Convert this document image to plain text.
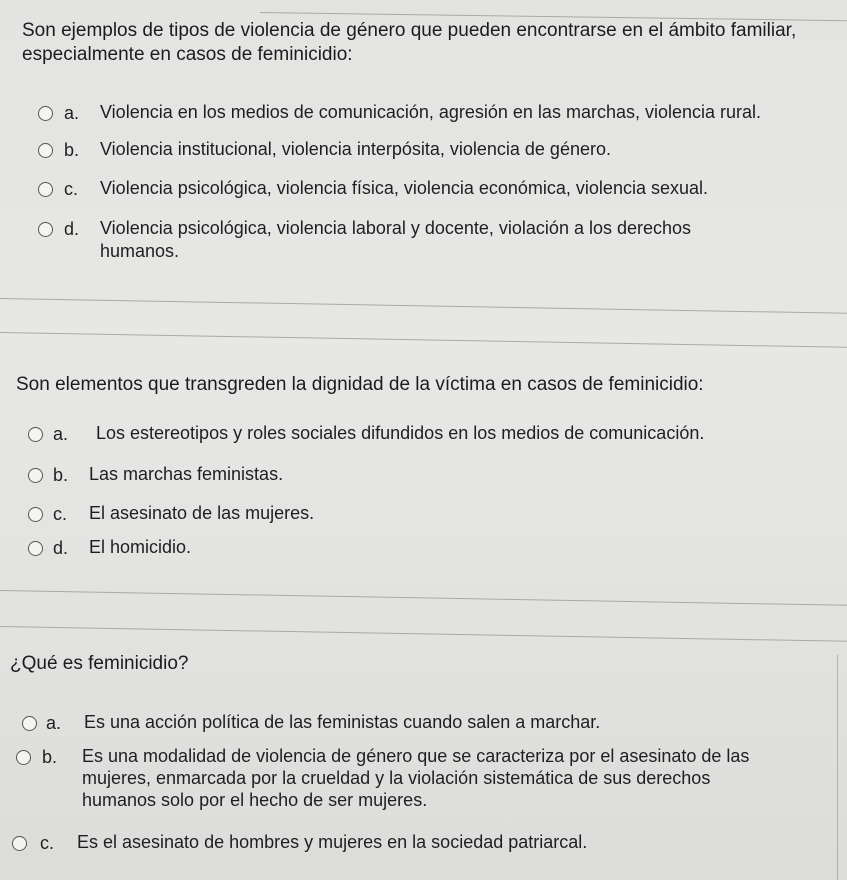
Son ejemplos de tipos de violencia de género que pueden encontrarse en el ámbito familiar,
especialmente en casos de feminicidio:
a. Violencia en los medios de comunicación, agresión en las marchas, violencia rural.
b. Violencia institucional, violencia interpósita, violencia de género.
c. Violencia psicológica, violencia física, violencia económica, violencia sexual.
d. Violencia psicológica, violencia laboral y docente, violación a los derechos
humanos.
Son elementos que transgreden la dignidad de la víctima en casos de feminicidio:
a. Los estereotipos y roles sociales difundidos en los medios de comunicación.
b. Las marchas feministas.
c. El asesinato de las mujeres.
d. El homicidio.
¿Qué es feminicidio?
a. Es una acción política de las feministas cuando salen a marchar.
b. Es una modalidad de violencia de género que se caracteriza por el asesinato de las
mujeres, enmarcada por la crueldad y la violación sistemática de sus derechos
humanos solo por el hecho de ser mujeres.
c. Es el asesinato de hombres y mujeres en la sociedad patriarcal.
